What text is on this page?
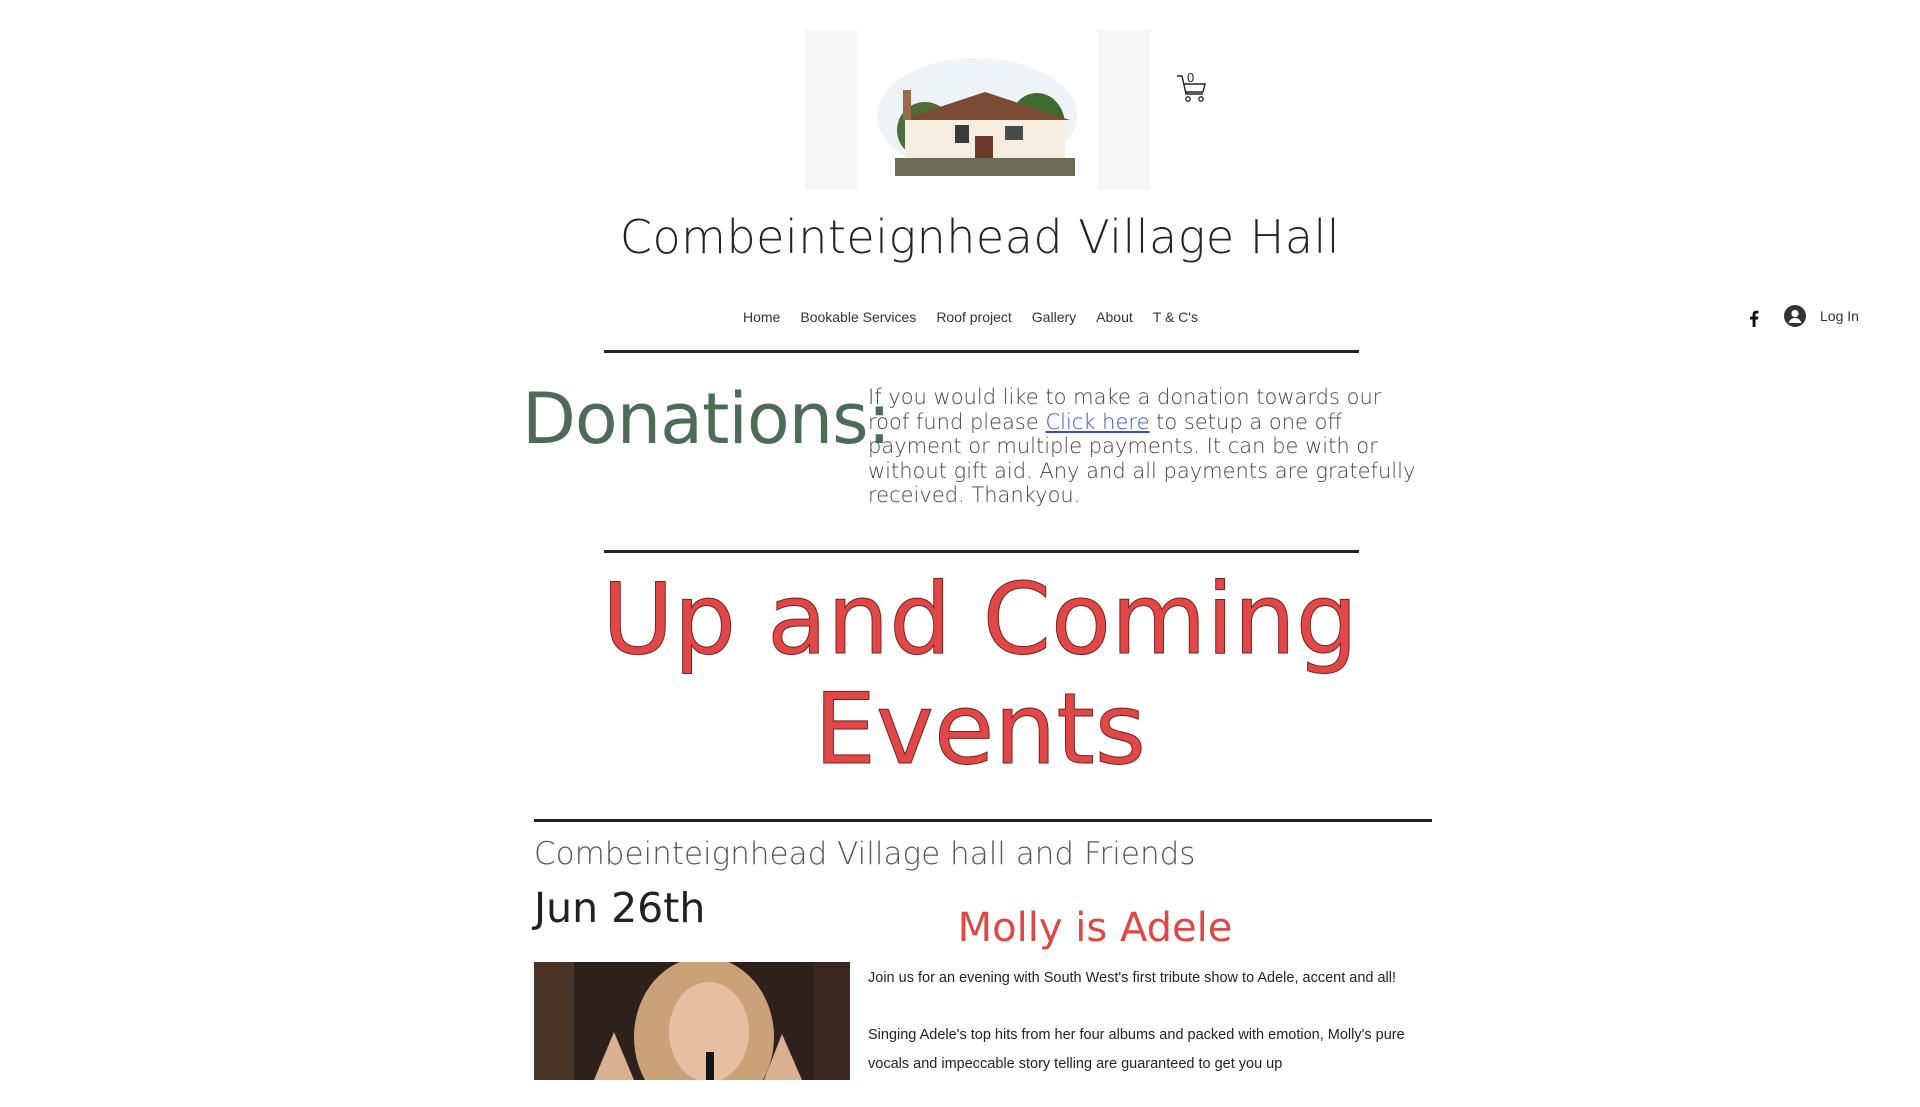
0
Combeinteignhead Village Hall
Home	Bookable Services	Roof project	Gallery	About	T & C's	Log In
Donations:
If you would like to make a donation towards our roof fund please Click here to setup a one off payment or multiple payments. It can be with or without gift aid. Any and all payments are gratefully received. Thankyou.
Up and Coming Events
Combeinteignhead Village hall and Friends
Jun 26th	Molly is Adele

Join us for an evening with South West's first tribute show to Adele, accent and all!

Singing Adele's top hits from her four albums and packed with emotion, Molly's pure vocals and impeccable story telling are guaranteed to get you up
